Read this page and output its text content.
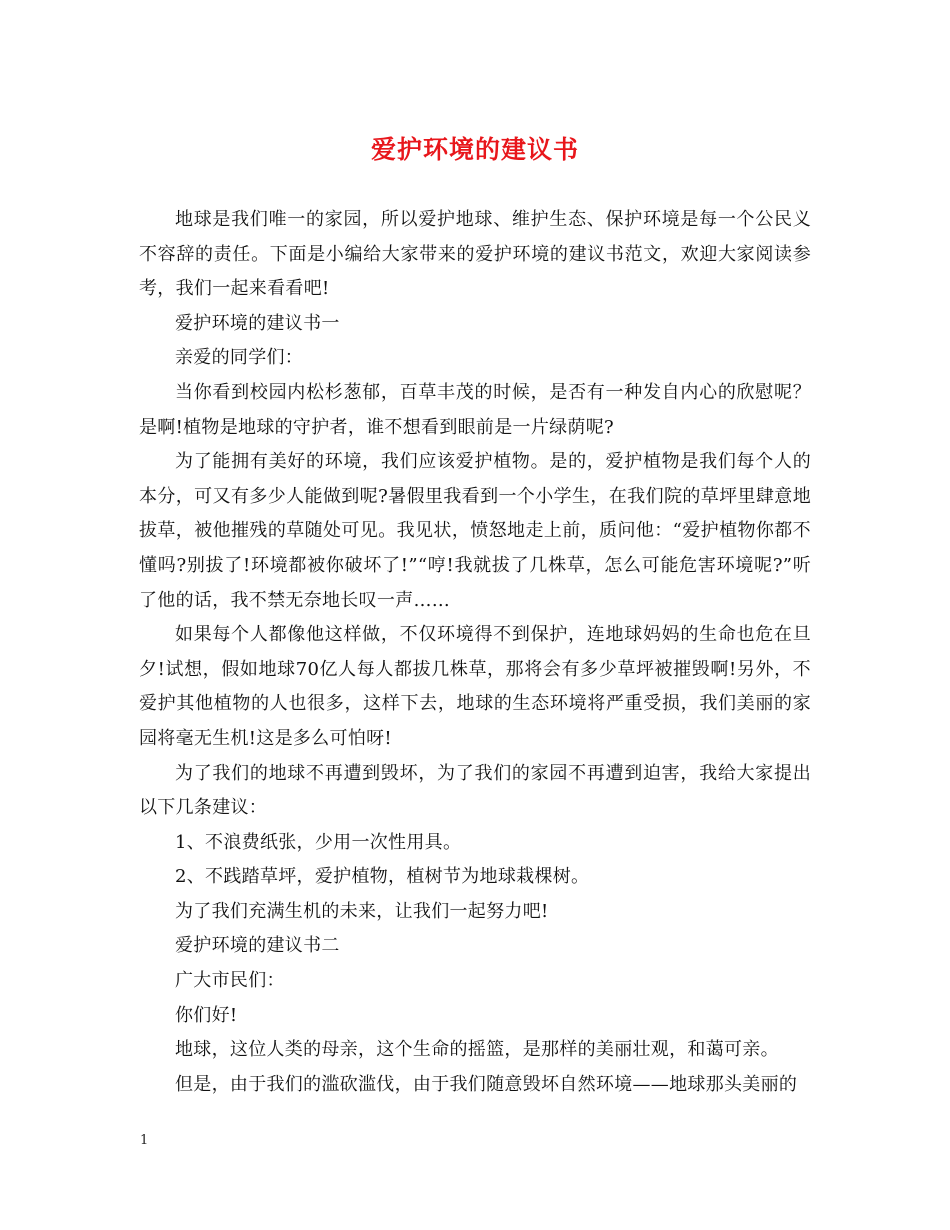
爱护环境的建议书

地球是我们唯一的家园，所以爱护地球、维护生态、保护环境是每一个公民义不容辞的责任。下面是小编给大家带来的爱护环境的建议书范文，欢迎大家阅读参考，我们一起来看看吧!

爱护环境的建议书一

亲爱的同学们：

当你看到校园内松杉葱郁，百草丰茂的时候，是否有一种发自内心的欣慰呢？是啊!植物是地球的守护者，谁不想看到眼前是一片绿荫呢?

为了能拥有美好的环境，我们应该爱护植物。是的，爱护植物是我们每个人的本分，可又有多少人能做到呢?暑假里我看到一个小学生，在我们院的草坪里肆意地拔草，被他摧残的草随处可见。我见状，愤怒地走上前，质问他：“爱护植物你都不懂吗?别拔了!环境都被你破坏了!”“哼!我就拔了几株草，怎么可能危害环境呢?”听了他的话，我不禁无奈地长叹一声……

如果每个人都像他这样做，不仅环境得不到保护，连地球妈妈的生命也危在旦夕!试想，假如地球70亿人每人都拔几株草，那将会有多少草坪被摧毁啊!另外，不爱护其他植物的人也很多，这样下去，地球的生态环境将严重受损，我们美丽的家园将毫无生机!这是多么可怕呀!

为了我们的地球不再遭到毁坏，为了我们的家园不再遭到迫害，我给大家提出以下几条建议：

1、不浪费纸张，少用一次性用具。

2、不践踏草坪，爱护植物，植树节为地球栽棵树。

为了我们充满生机的未来，让我们一起努力吧!

爱护环境的建议书二

广大市民们：

你们好!

地球，这位人类的母亲，这个生命的摇篮，是那样的美丽壮观，和蔼可亲。

但是，由于我们的滥砍滥伐，由于我们随意毁坏自然环境——地球那头美丽的

1
